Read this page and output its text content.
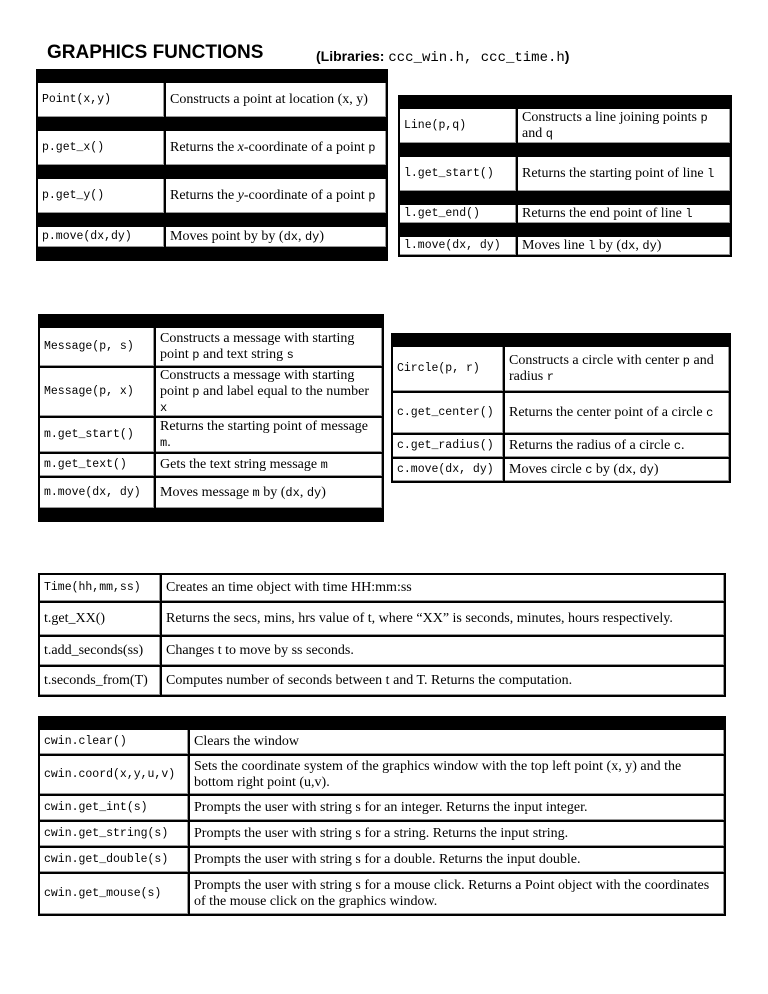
GRAPHICS FUNCTIONS	(Libraries: ccc_win.h, ccc_time.h)

Point(x,y)	Constructs a point at location (x, y)

p.get_x()	Returns the x-coordinate of a point p

p.get_y()	Returns the y-coordinate of a point p

p.move(dx,dy)	Moves point by by (dx, dy)

Line(p,q)	Constructs a line joining points p and q

l.get_start()	Returns the starting point of line l

l.get_end()	Returns the end point of line l

l.move(dx, dy)	Moves line l by (dx, dy)

Message(p, s)	Constructs a message with starting point p and text string s
Message(p, x)	Constructs a message with starting point p and label equal to the number x
m.get_start()	Returns the starting point of message m.
m.get_text()	Gets the text string message m
m.move(dx, dy)	Moves message m by (dx, dy)

Circle(p, r)	Constructs a circle with center p and radius r
c.get_center()	Returns the center point of a circle c
c.get_radius()	Returns the radius of a circle c.
c.move(dx, dy)	Moves circle c by (dx, dy)
Time(hh,mm,ss)	Creates an time object with time HH:mm:ss
t.get_XX()	Returns the secs, mins, hrs value of t, where “XX” is seconds, minutes, hours respectively.
t.add_seconds(ss)	Changes t to move by ss seconds.
t.seconds_from(T)	Computes number of seconds between t and T. Returns the computation.

cwin.clear()	Clears the window
cwin.coord(x,y,u,v)	Sets the coordinate system of the graphics window with the top left point (x, y) and the bottom right point (u,v).
cwin.get_int(s)	Prompts the user with string s for an integer. Returns the input integer.
cwin.get_string(s)	Prompts the user with string s for a string. Returns the input string.
cwin.get_double(s)	Prompts the user with string s for a double. Returns the input double.
cwin.get_mouse(s)	Prompts the user with string s for a mouse click. Returns a Point object with the coordinates of the mouse click on the graphics window.
